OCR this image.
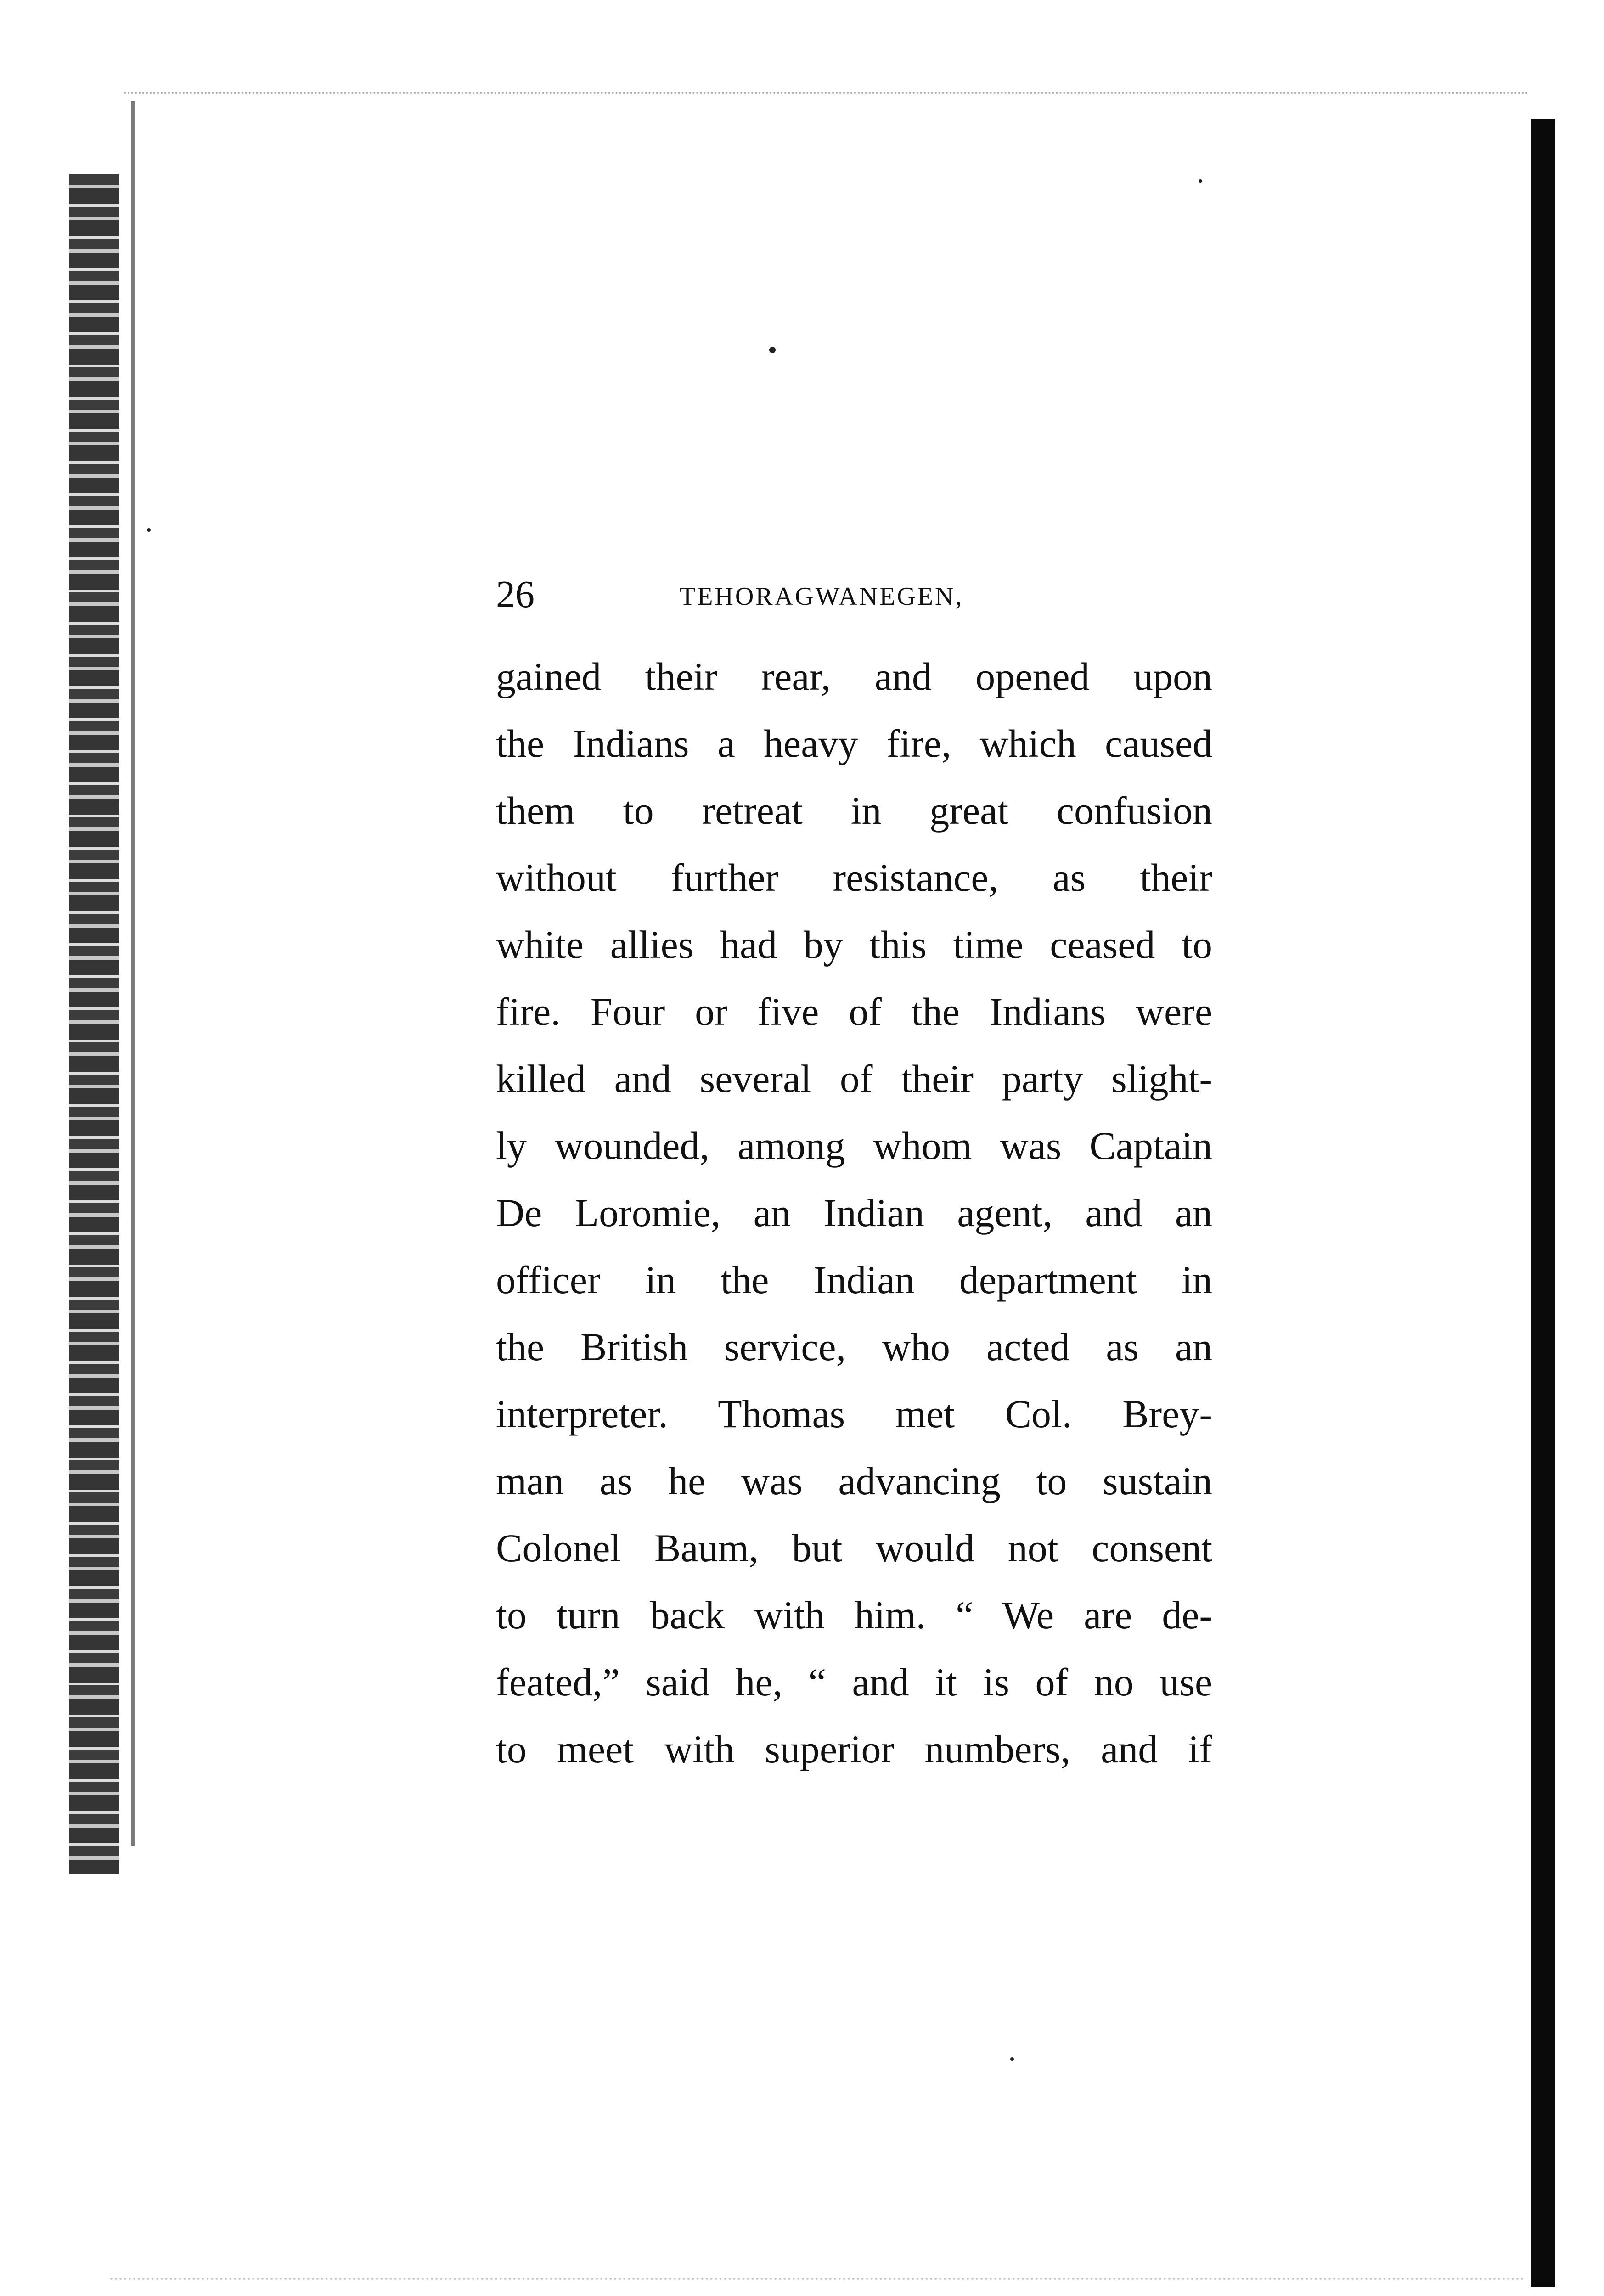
26	TEHORAGWANEGEN,
gained their rear, and opened upon
the Indians a heavy fire, which caused
them to retreat in great confusion
without further resistance, as their
white allies had by this time ceased to
fire. Four or five of the Indians were
killed and several of their party slight-
ly wounded, among whom was Captain
De Loromie, an Indian agent, and an
officer in the Indian department in
the British service, who acted as an
interpreter. Thomas met Col. Brey-
man as he was advancing to sustain
Colonel Baum, but would not consent
to turn back with him. “ We are de-
feated,” said he, “ and it is of no use
to meet with superior numbers, and if
